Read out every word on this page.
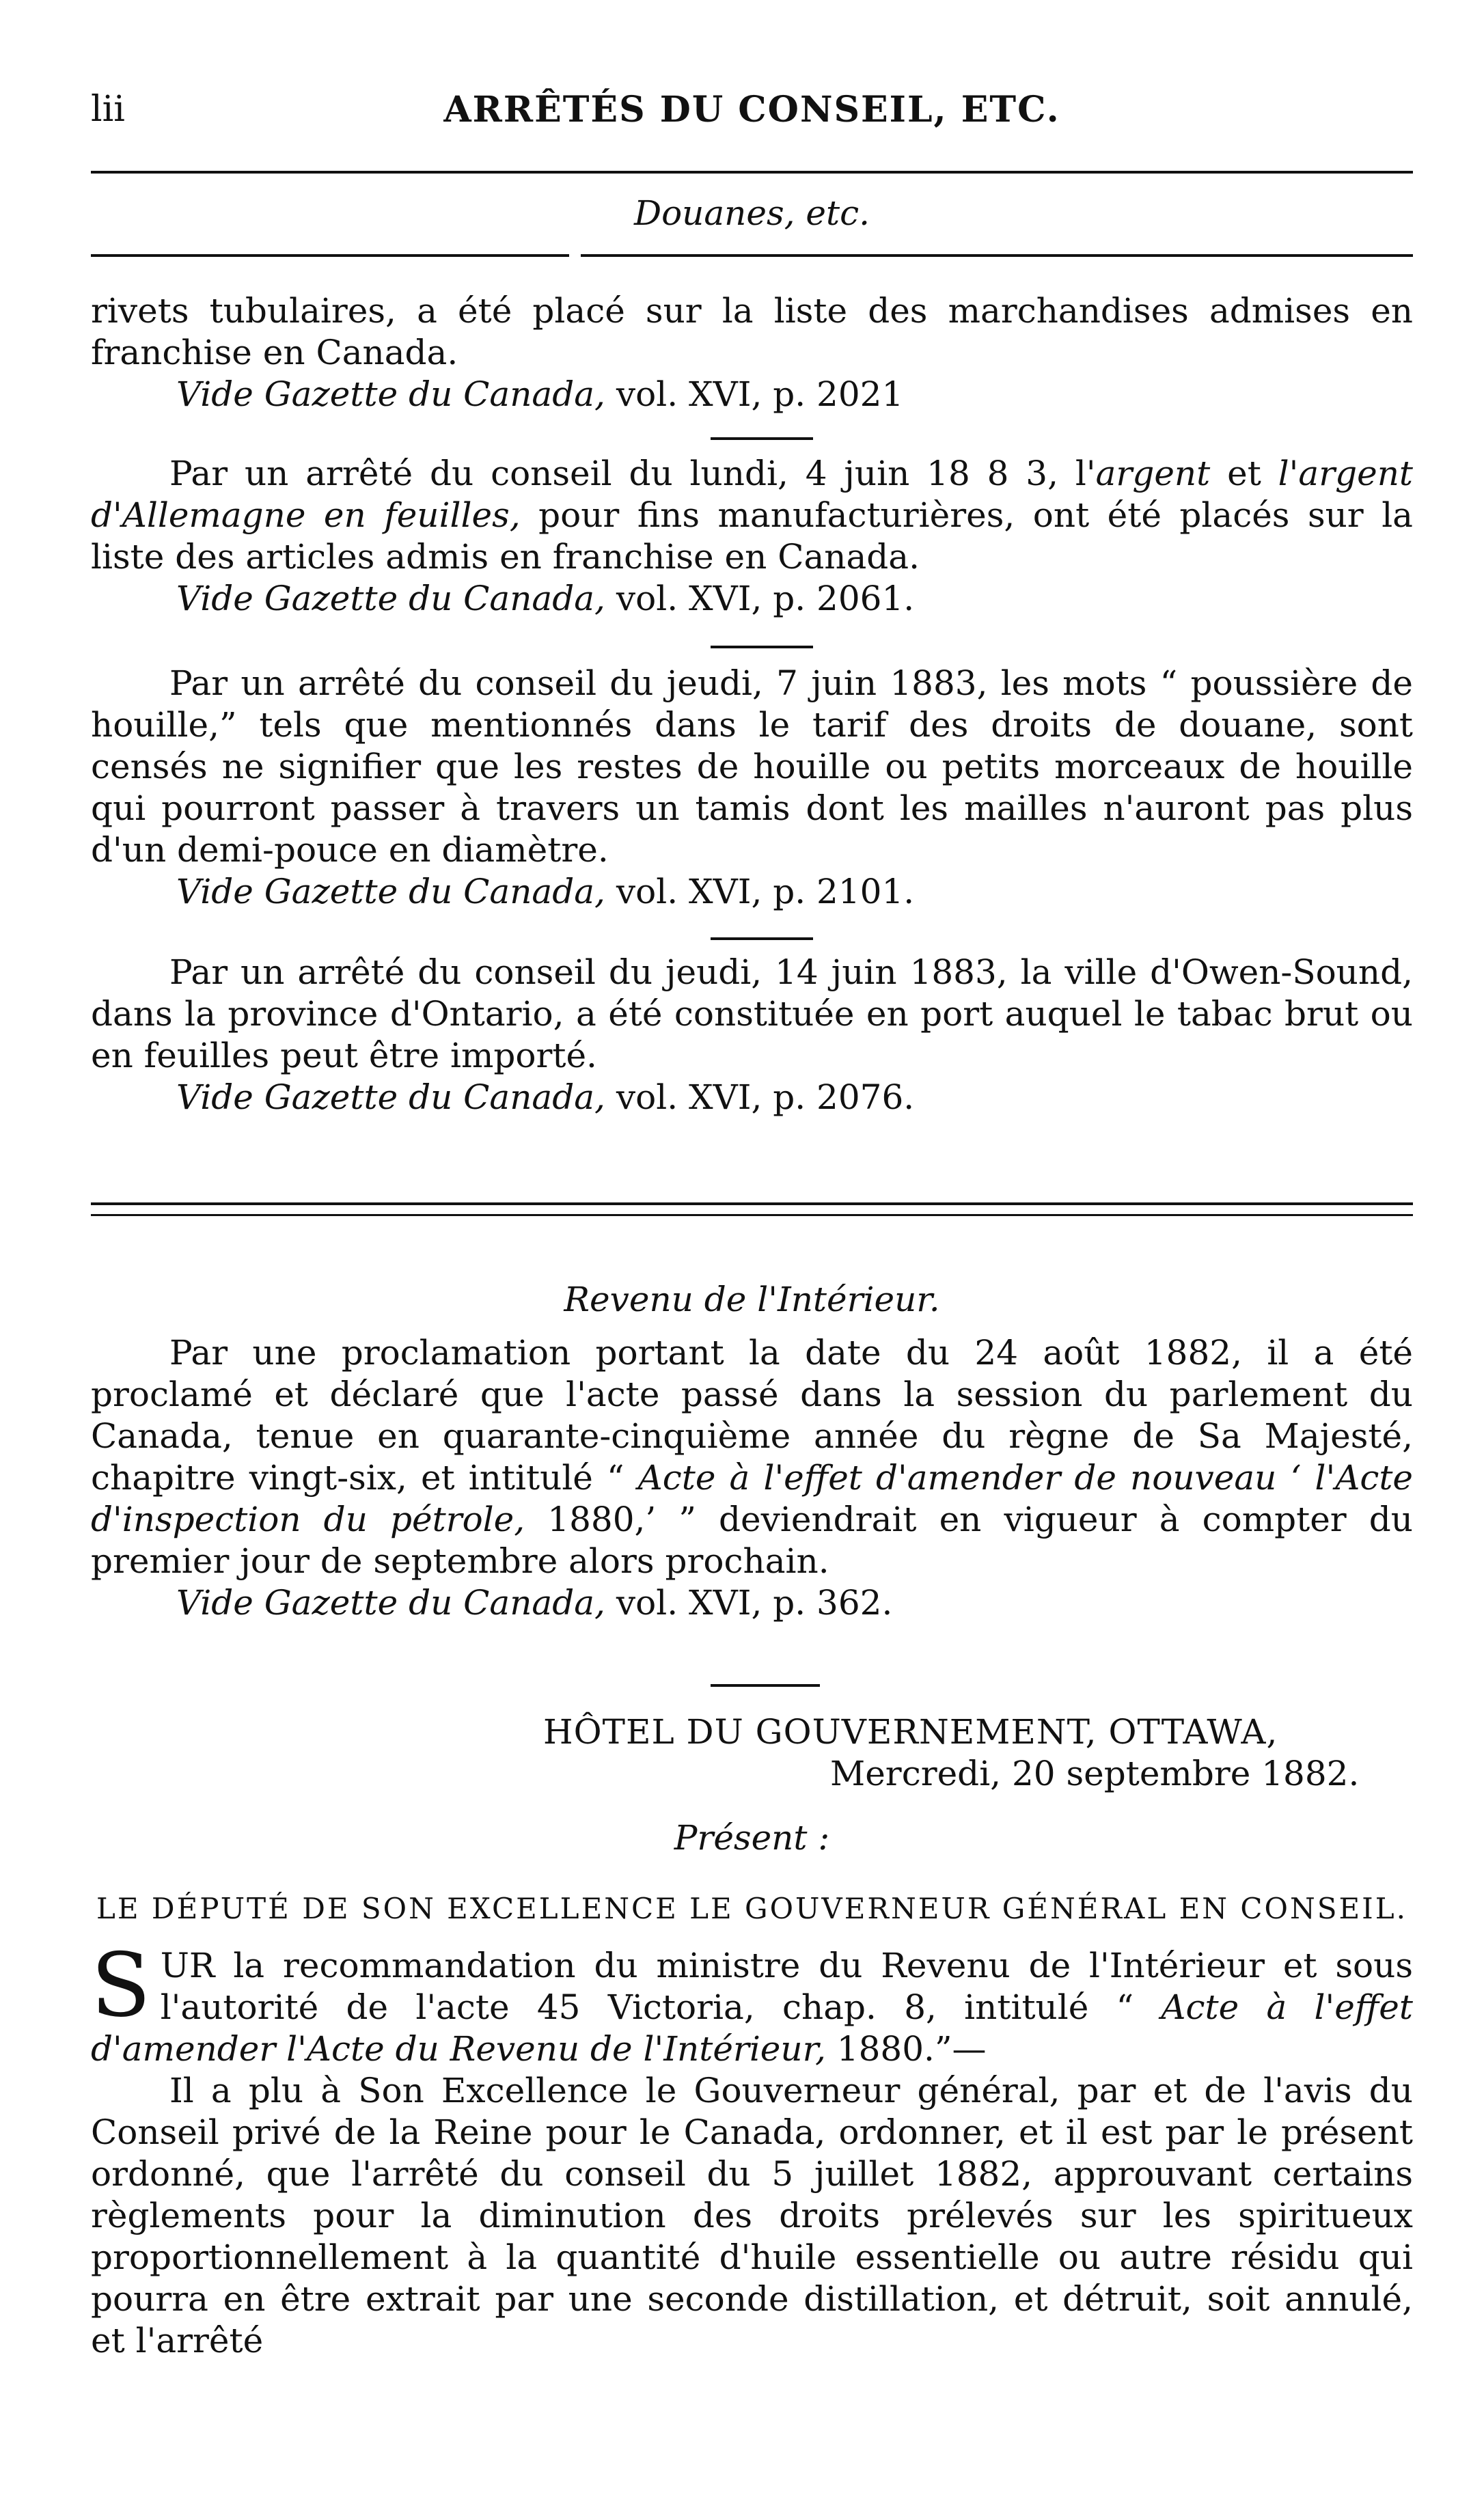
lii	ARRÊTÉS DU CONSEIL, ETC.
Douanes, etc.

rivets tubulaires, a été placé sur la liste des marchandises admises en franchise en Canada.

Vide Gazette du Canada, vol. XVI, p. 2021

Par un arrêté du conseil du lundi, 4 juin 18 8 3, l'argent et l'argent d'Allemagne en feuilles, pour fins manufacturières, ont été placés sur la liste des articles admis en franchise en Canada.

Vide Gazette du Canada, vol. XVI, p. 2061.

Par un arrêté du conseil du jeudi, 7 juin 1883, les mots “ poussière de houille,” tels que mentionnés dans le tarif des droits de douane, sont censés ne signifier que les restes de houille ou petits morceaux de houille qui pourront passer à travers un tamis dont les mailles n'auront pas plus d'un demi-pouce en diamètre.

Vide Gazette du Canada, vol. XVI, p. 2101.

Par un arrêté du conseil du jeudi, 14 juin 1883, la ville d'Owen-Sound, dans la province d'Ontario, a été constituée en port auquel le tabac brut ou en feuilles peut être importé.

Vide Gazette du Canada, vol. XVI, p. 2076.

Revenu de l'Intérieur.

Par une proclamation portant la date du 24 août 1882, il a été proclamé et déclaré que l'acte passé dans la session du parlement du Canada, tenue en quarante-cinquième année du règne de Sa Majesté, chapitre vingt-six, et intitulé “ Acte à l'effet d'amender de nouveau ‘ l'Acte d'inspection du pétrole, 1880,’ ” deviendrait en vigueur à compter du premier jour de septembre alors prochain.

Vide Gazette du Canada, vol. XVI, p. 362.

HÔTEL DU GOUVERNEMENT, OTTAWA,
Mercredi, 20 septembre 1882.
Présent :
LE DÉPUTÉ DE SON EXCELLENCE LE GOUVERNEUR GÉNÉRAL EN CONSEIL.

SUR la recommandation du ministre du Revenu de l'Intérieur et sous l'autorité de l'acte 45 Victoria, chap. 8, intitulé “ Acte à l'effet d'amender l'Acte du Revenu de l'Intérieur, 1880.”—

Il a plu à Son Excellence le Gouverneur général, par et de l'avis du Conseil privé de la Reine pour le Canada, ordonner, et il est par le présent ordonné, que l'arrêté du conseil du 5 juillet 1882, approuvant certains règlements pour la diminution des droits prélevés sur les spiritueux proportionnellement à la quantité d'huile essentielle ou autre résidu qui pourra en être extrait par une seconde distillation, et détruit, soit annulé, et l'arrêté
